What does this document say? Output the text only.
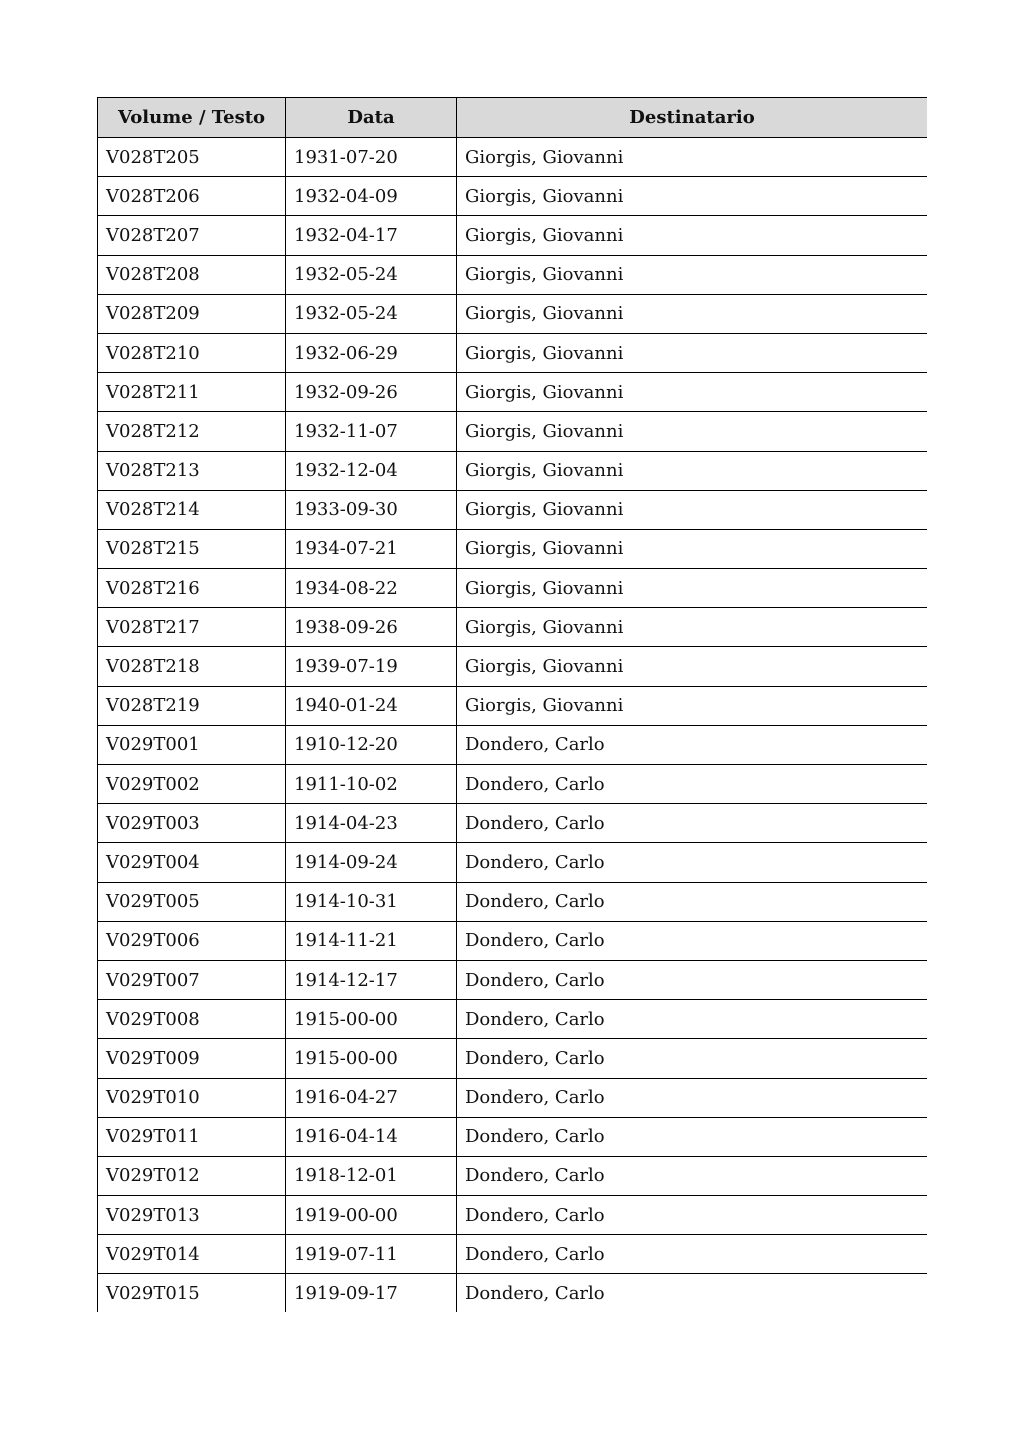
Volume / Testo	Data	Destinatario
V028T205	1931-07-20	Giorgis, Giovanni
V028T206	1932-04-09	Giorgis, Giovanni
V028T207	1932-04-17	Giorgis, Giovanni
V028T208	1932-05-24	Giorgis, Giovanni
V028T209	1932-05-24	Giorgis, Giovanni
V028T210	1932-06-29	Giorgis, Giovanni
V028T211	1932-09-26	Giorgis, Giovanni
V028T212	1932-11-07	Giorgis, Giovanni
V028T213	1932-12-04	Giorgis, Giovanni
V028T214	1933-09-30	Giorgis, Giovanni
V028T215	1934-07-21	Giorgis, Giovanni
V028T216	1934-08-22	Giorgis, Giovanni
V028T217	1938-09-26	Giorgis, Giovanni
V028T218	1939-07-19	Giorgis, Giovanni
V028T219	1940-01-24	Giorgis, Giovanni
V029T001	1910-12-20	Dondero, Carlo
V029T002	1911-10-02	Dondero, Carlo
V029T003	1914-04-23	Dondero, Carlo
V029T004	1914-09-24	Dondero, Carlo
V029T005	1914-10-31	Dondero, Carlo
V029T006	1914-11-21	Dondero, Carlo
V029T007	1914-12-17	Dondero, Carlo
V029T008	1915-00-00	Dondero, Carlo
V029T009	1915-00-00	Dondero, Carlo
V029T010	1916-04-27	Dondero, Carlo
V029T011	1916-04-14	Dondero, Carlo
V029T012	1918-12-01	Dondero, Carlo
V029T013	1919-00-00	Dondero, Carlo
V029T014	1919-07-11	Dondero, Carlo
V029T015	1919-09-17	Dondero, Carlo
